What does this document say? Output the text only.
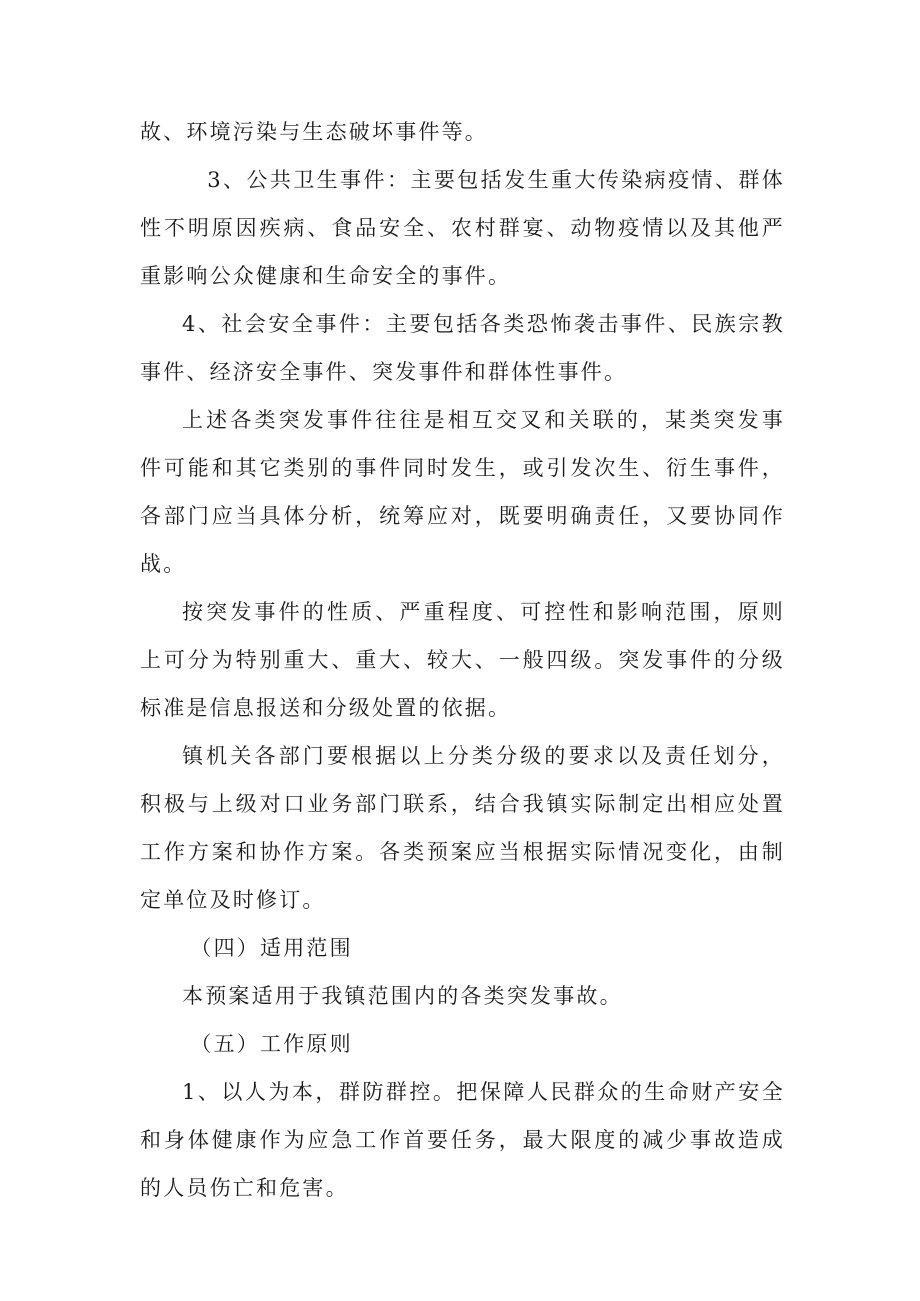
故、环境污染与生态破坏事件等。

3、公共卫生事件：主要包括发生重大传染病疫情、群体性不明原因疾病、食品安全、农村群宴、动物疫情以及其他严重影响公众健康和生命安全的事件。

4、社会安全事件：主要包括各类恐怖袭击事件、民族宗教事件、经济安全事件、突发事件和群体性事件。

上述各类突发事件往往是相互交叉和关联的，某类突发事件可能和其它类别的事件同时发生，或引发次生、衍生事件，各部门应当具体分析，统筹应对，既要明确责任，又要协同作战。

按突发事件的性质、严重程度、可控性和影响范围，原则上可分为特别重大、重大、较大、一般四级。突发事件的分级标准是信息报送和分级处置的依据。

镇机关各部门要根据以上分类分级的要求以及责任划分，积极与上级对口业务部门联系，结合我镇实际制定出相应处置工作方案和协作方案。各类预案应当根据实际情况变化，由制定单位及时修订。

（四）适用范围

本预案适用于我镇范围内的各类突发事故。

（五）工作原则

1、以人为本，群防群控。把保障人民群众的生命财产安全和身体健康作为应急工作首要任务，最大限度的减少事故造成的人员伤亡和危害。
